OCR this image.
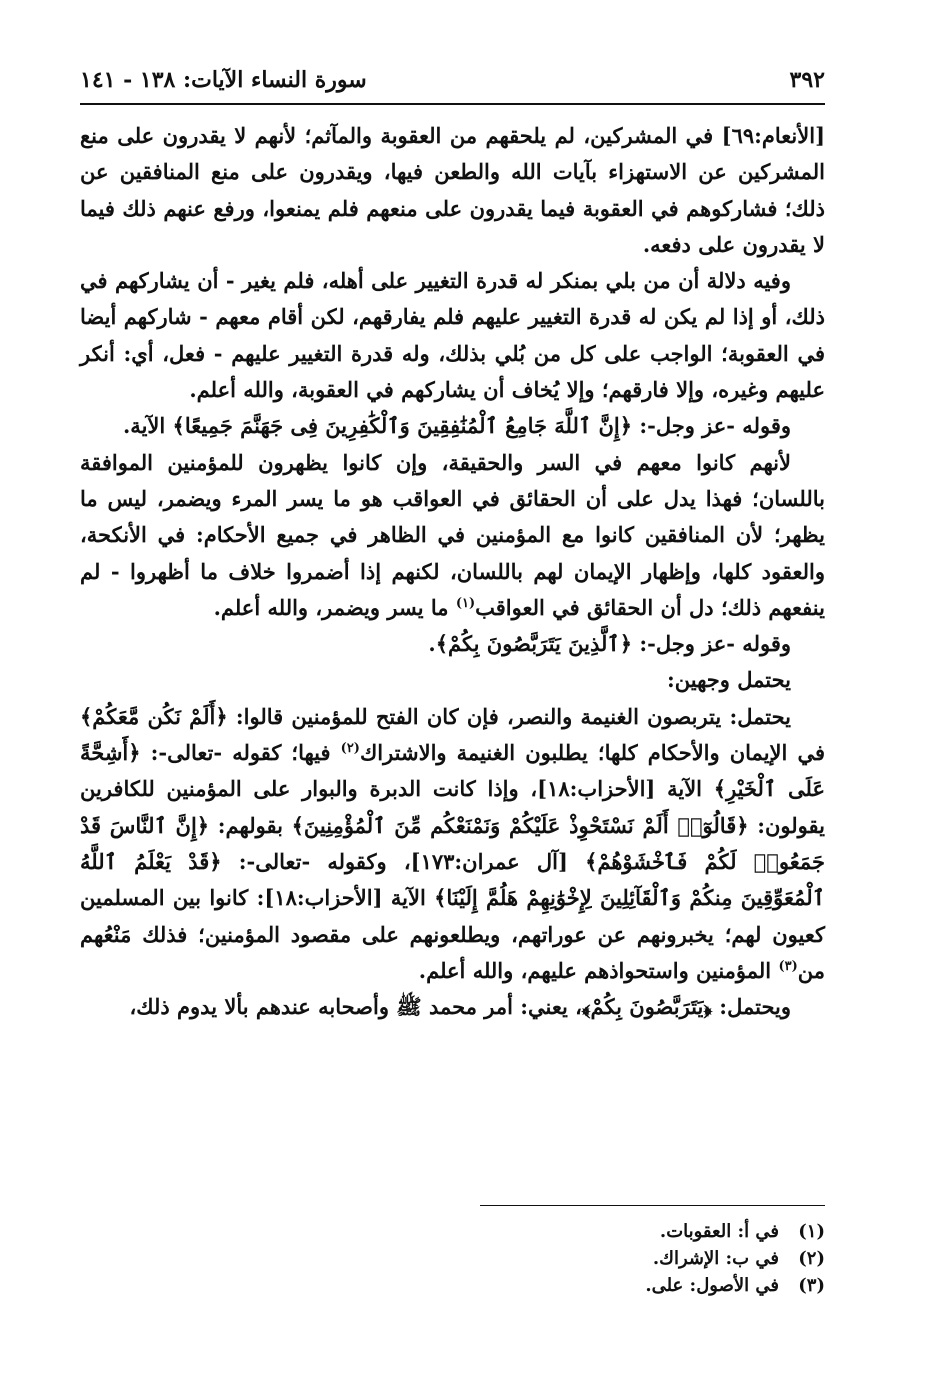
٣٩٢
سورة النساء الآيات: ١٣٨ - ١٤١

[الأنعام:٦٩] في المشركين، لم يلحقهم من العقوبة والمآثم؛ لأنهم لا يقدرون على منع المشركين عن الاستهزاء بآيات الله والطعن فيها، ويقدرون على منع المنافقين عن ذلك؛ فشاركوهم في العقوبة فيما يقدرون على منعهم فلم يمنعوا، ورفع عنهم ذلك فيما لا يقدرون على دفعه.

وفيه دلالة أن من بلي بمنكر له قدرة التغيير على أهله، فلم يغير - أن يشاركهم في ذلك، أو إذا لم يكن له قدرة التغيير عليهم فلم يفارقهم، لكن أقام معهم - شاركهم أيضا في العقوبة؛ الواجب على كل من بُلي بذلك، وله قدرة التغيير عليهم - فعل، أي: أنكر عليهم وغيره، وإلا فارقهم؛ وإلا يُخاف أن يشاركهم في العقوبة، والله أعلم.

وقوله -عز وجل-: ﴿إِنَّ ٱللَّهَ جَامِعُ ٱلْمُنَٰفِقِينَ وَٱلْكَٰفِرِينَ فِى جَهَنَّمَ جَمِيعًا﴾ الآية.

لأنهم كانوا معهم في السر والحقيقة، وإن كانوا يظهرون للمؤمنين الموافقة باللسان؛ فهذا يدل على أن الحقائق في العواقب هو ما يسر المرء ويضمر، ليس ما يظهر؛ لأن المنافقين كانوا مع المؤمنين في الظاهر في جميع الأحكام: في الأنكحة، والعقود كلها، وإظهار الإيمان لهم باللسان، لكنهم إذا أضمروا خلاف ما أظهروا - لم ينفعهم ذلك؛ دل أن الحقائق في العواقب$^{(١)}$ ما يسر ويضمر، والله أعلم.

وقوله -عز وجل-: ﴿ٱلَّذِينَ يَتَرَبَّصُونَ بِكُمْ﴾.

يحتمل وجهين:

يحتمل: يتربصون الغنيمة والنصر، فإن كان الفتح للمؤمنين قالوا: ﴿أَلَمْ نَكُن مَّعَكُمْ﴾ في الإيمان والأحكام كلها؛ يطلبون الغنيمة والاشتراك$^{(٢)}$ فيها؛ كقوله -تعالى-: ﴿أَشِحَّةً عَلَى ٱلْخَيْرِ﴾ الآية [الأحزاب:١٨]، وإذا كانت الدبرة والبوار على المؤمنين للكافرين يقولون: ﴿قَالُوٓا۟ أَلَمْ نَسْتَحْوِذْ عَلَيْكُمْ وَنَمْنَعْكُم مِّنَ ٱلْمُؤْمِنِينَ﴾ بقولهم: ﴿إِنَّ ٱلنَّاسَ قَدْ جَمَعُوا۟ لَكُمْ فَٱخْشَوْهُمْ﴾ [آل عمران:١٧٣]، وكقوله -تعالى-: ﴿قَدْ يَعْلَمُ ٱللَّهُ ٱلْمُعَوِّقِينَ مِنكُمْ وَٱلْقَآئِلِينَ لِإِخْوَٰنِهِمْ هَلُمَّ إِلَيْنَا﴾ الآية [الأحزاب:١٨]: كانوا بين المسلمين كعيون لهم؛ يخبرونهم عن عوراتهم، ويطلعونهم على مقصود المؤمنين؛ فذلك مَنْعُهم من$^{(٣)}$ المؤمنين واستحواذهم عليهم، والله أعلم.

ويحتمل: ﴿يَتَرَبَّصُونَ بِكُمْ﴾، يعني: أمر محمد ﷺ وأصحابه عندهم بألا يدوم ذلك،

(١)
في أ: العقوبات.
(٢)
في ب: الإشراك.
(٣)
في الأصول: على.
